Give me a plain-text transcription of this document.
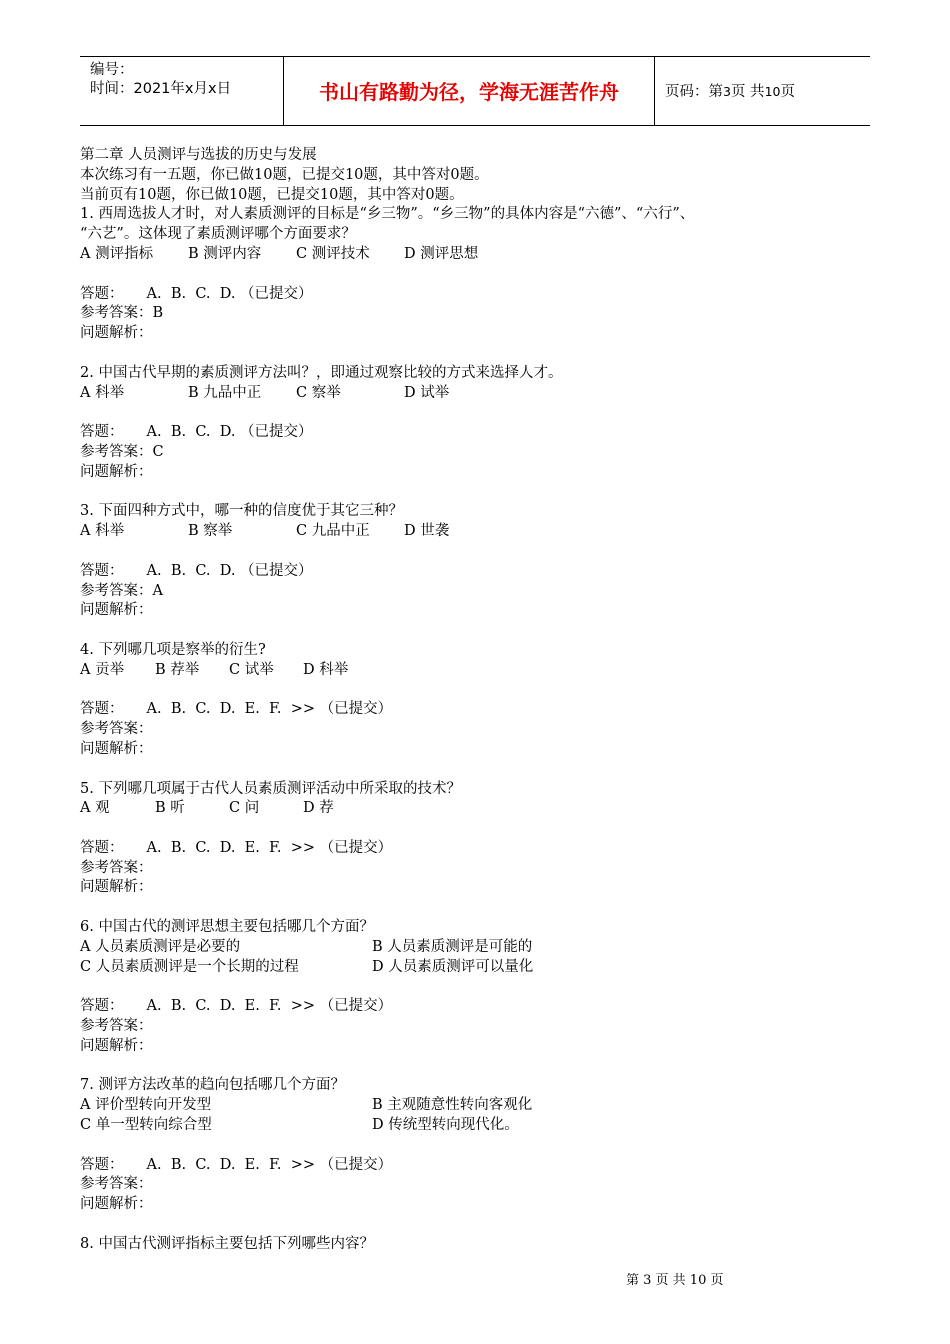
编号：
时间：2021年x月x日	书山有路勤为径，学海无涯苦作舟	页码：第3页 共10页
第二章 人员测评与选拔的历史与发展
本次练习有一五题，你已做10题，已提交10题，其中答对0题。
当前页有10题，你已做10题，已提交10题，其中答对0题。
1. 西周选拔人才时，对人素质测评的目标是“乡三物”。“乡三物”的具体内容是“六德”、“六行”、
“六艺”。这体现了素质测评哪个方面要求？
A 测评指标	B 测评内容	C 测评技术	D 测评思想
答题：     A.  B.  C.  D. （已提交）
参考答案：B
问题解析：
2. 中国古代早期的素质测评方法叫？，即通过观察比较的方式来选择人才。
A 科举	B 九品中正	C 察举	D 试举
答题：     A.  B.  C.  D. （已提交）
参考答案：C
问题解析：
3. 下面四种方式中，哪一种的信度优于其它三种？
A 科举	B 察举	C 九品中正	D 世袭
答题：     A.  B.  C.  D. （已提交）
参考答案：A
问题解析：
4. 下列哪几项是察举的衍生?
A 贡举	B 荐举	C 试举	D 科举
答题：     A.  B.  C.  D.  E.  F.  >> （已提交）
参考答案：
问题解析：
5. 下列哪几项属于古代人员素质测评活动中所采取的技术？
A 观	B 听	C 问	D 荐
答题：     A.  B.  C.  D.  E.  F.  >> （已提交）
参考答案：
问题解析：
6. 中国古代的测评思想主要包括哪几个方面？
A 人员素质测评是必要的	B 人员素质测评是可能的
C 人员素质测评是一个长期的过程	D 人员素质测评可以量化
答题：     A.  B.  C.  D.  E.  F.  >> （已提交）
参考答案：
问题解析：
7. 测评方法改革的趋向包括哪几个方面？
A 评价型转向开发型	B 主观随意性转向客观化
C 单一型转向综合型	D 传统型转向现代化。
答题：     A.  B.  C.  D.  E.  F.  >> （已提交）
参考答案：
问题解析：
8. 中国古代测评指标主要包括下列哪些内容？
第 3 页 共 10 页
